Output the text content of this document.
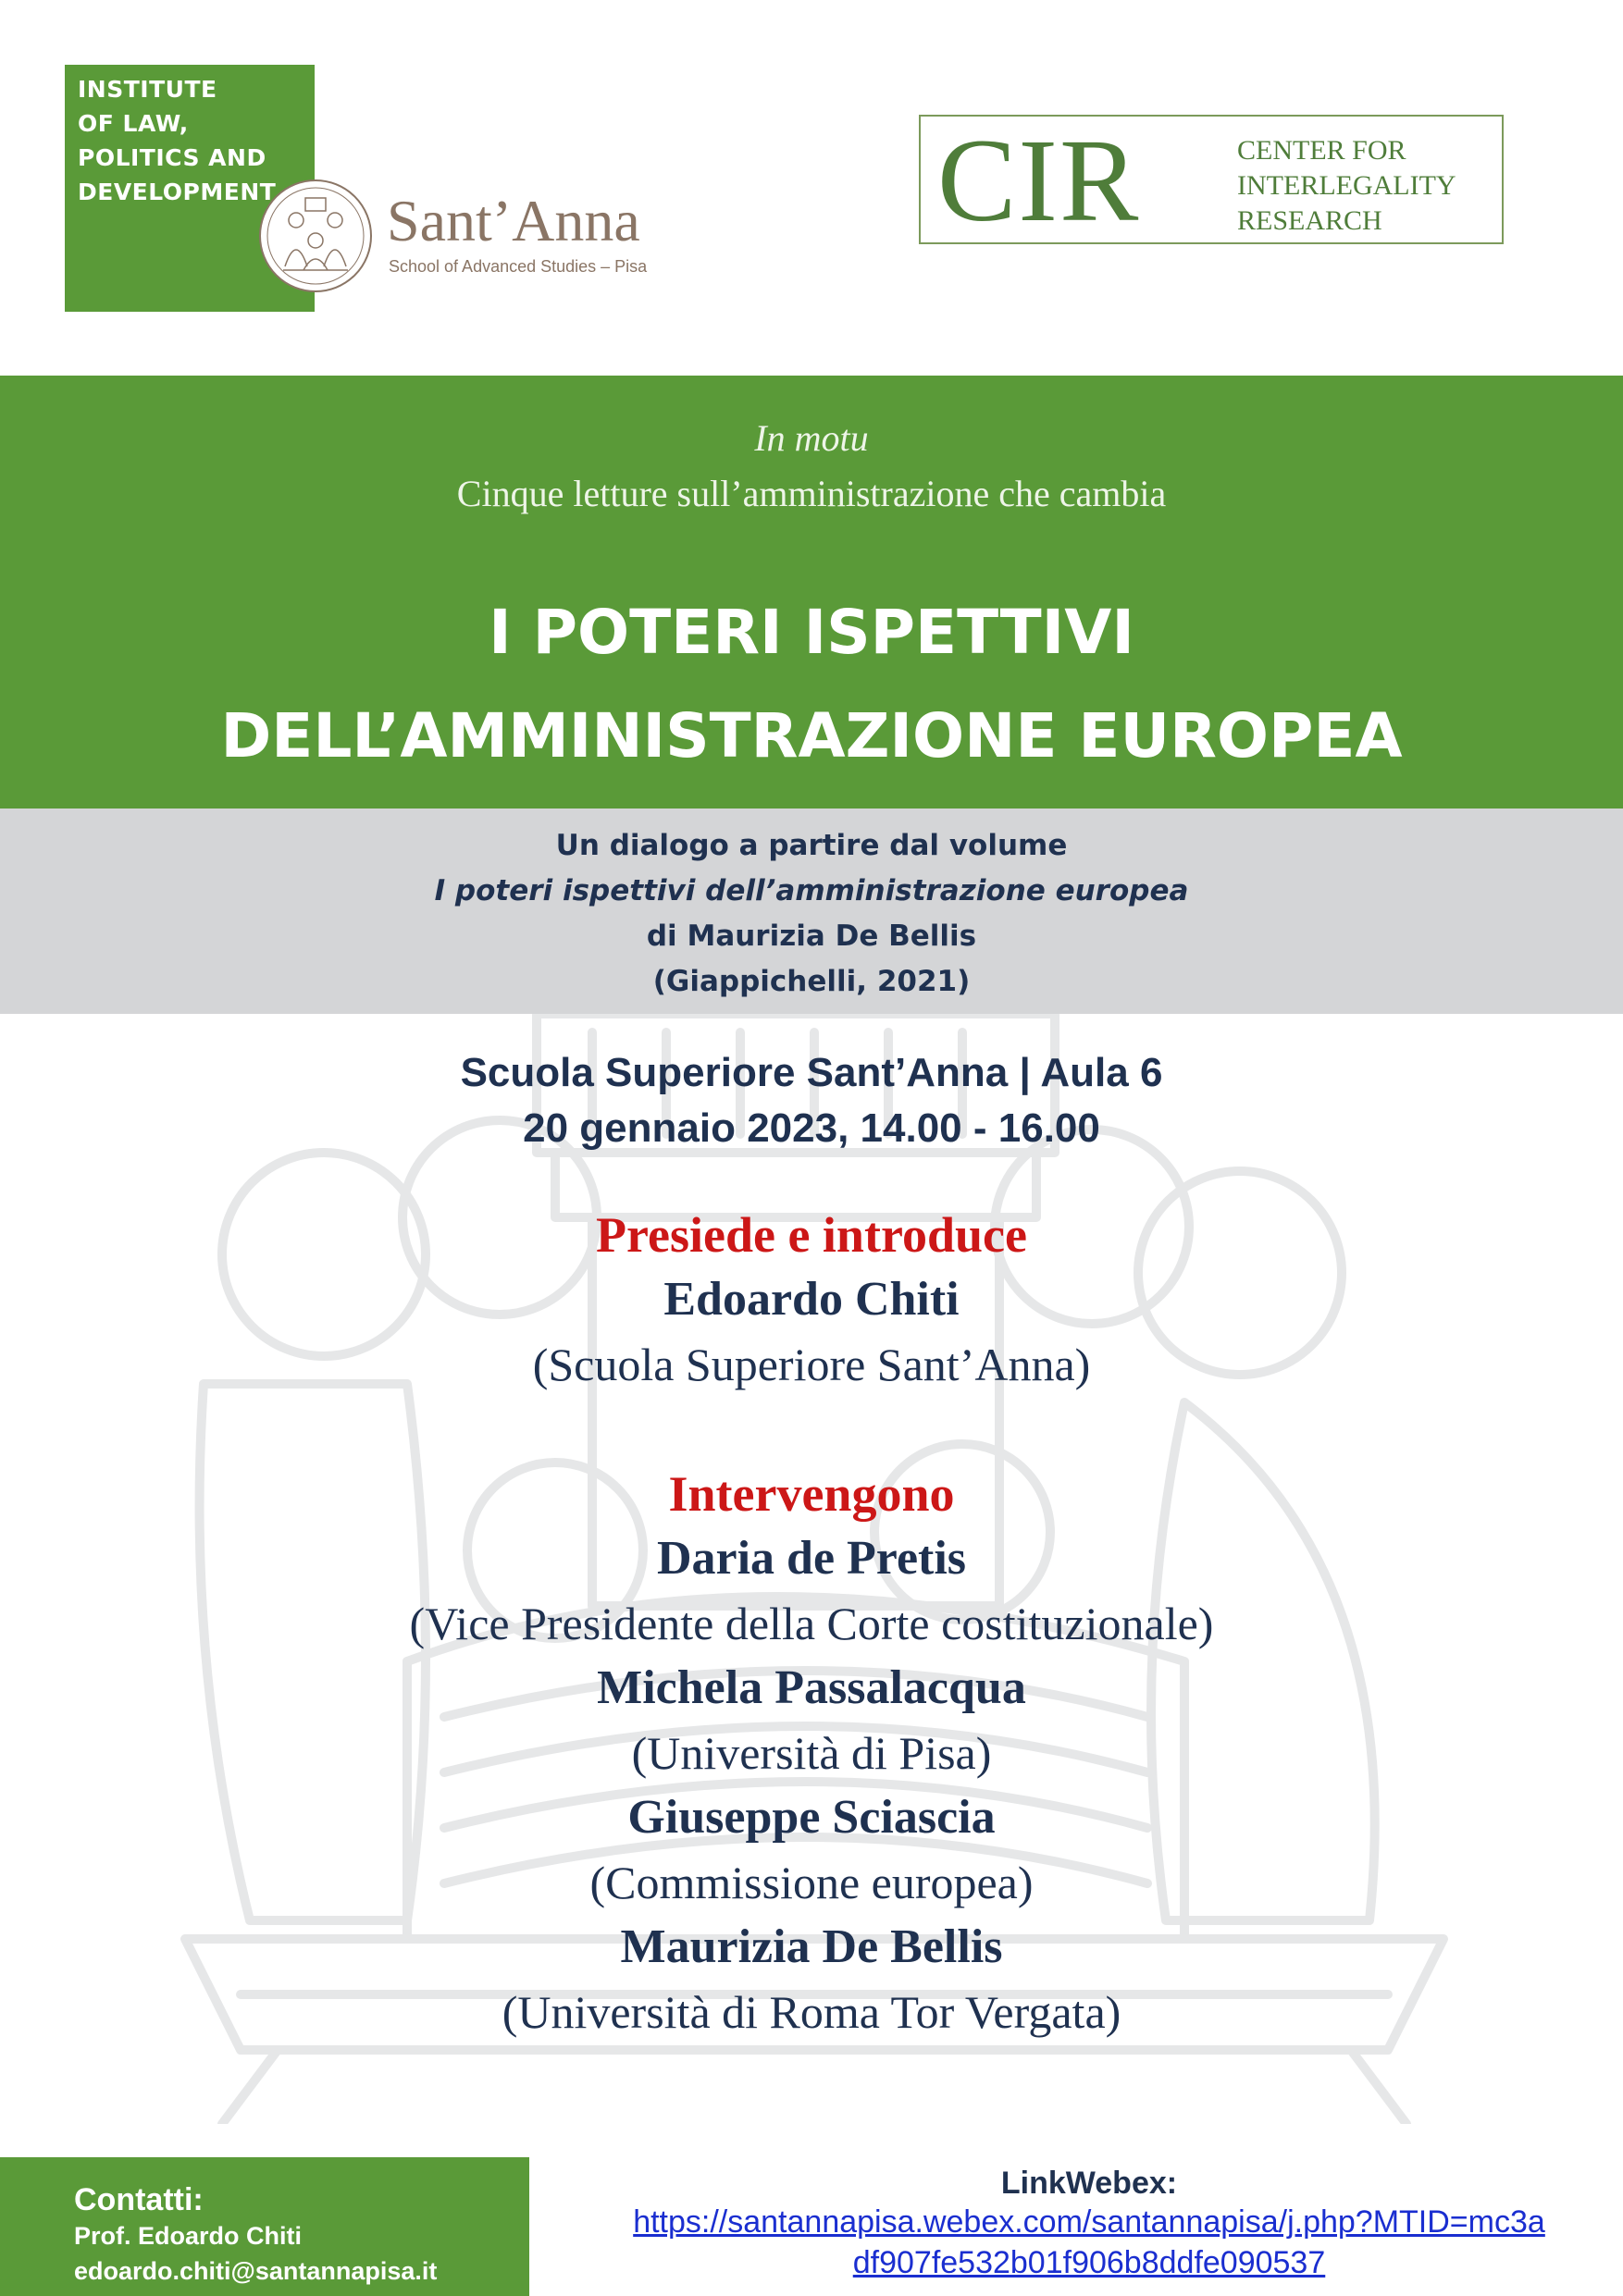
INSTITUTE
OF LAW,
POLITICS AND
DEVELOPMENT	Sant’Anna
School of Advanced Studies – Pisa
CIR	CENTER FOR
INTERLEGALITY
RESEARCH
In motu
Cinque letture sull’amministrazione che cambia
I POTERI ISPETTIVI
DELL’AMMINISTRAZIONE EUROPEA
Un dialogo a partire dal volume
I poteri ispettivi dell’amministrazione europea
di Maurizia De Bellis
(Giappichelli, 2021)
Scuola Superiore Sant’Anna | Aula 6
20 gennaio 2023, 14.00 - 16.00
Presiede e introduce
Edoardo Chiti
(Scuola Superiore Sant’Anna)
Intervengono
Daria de Pretis
(Vice Presidente della Corte costituzionale)
Michela Passalacqua
(Università di Pisa)
Giuseppe Sciascia
(Commissione europea)
Maurizia De Bellis
(Università di Roma Tor Vergata)
Contatti:
Prof. Edoardo Chiti
edoardo.chiti@santannapisa.it
LinkWebex:
https://santannapisa.webex.com/santannapisa/j.php?MTID=mc3a
df907fe532b01f906b8ddfe090537
